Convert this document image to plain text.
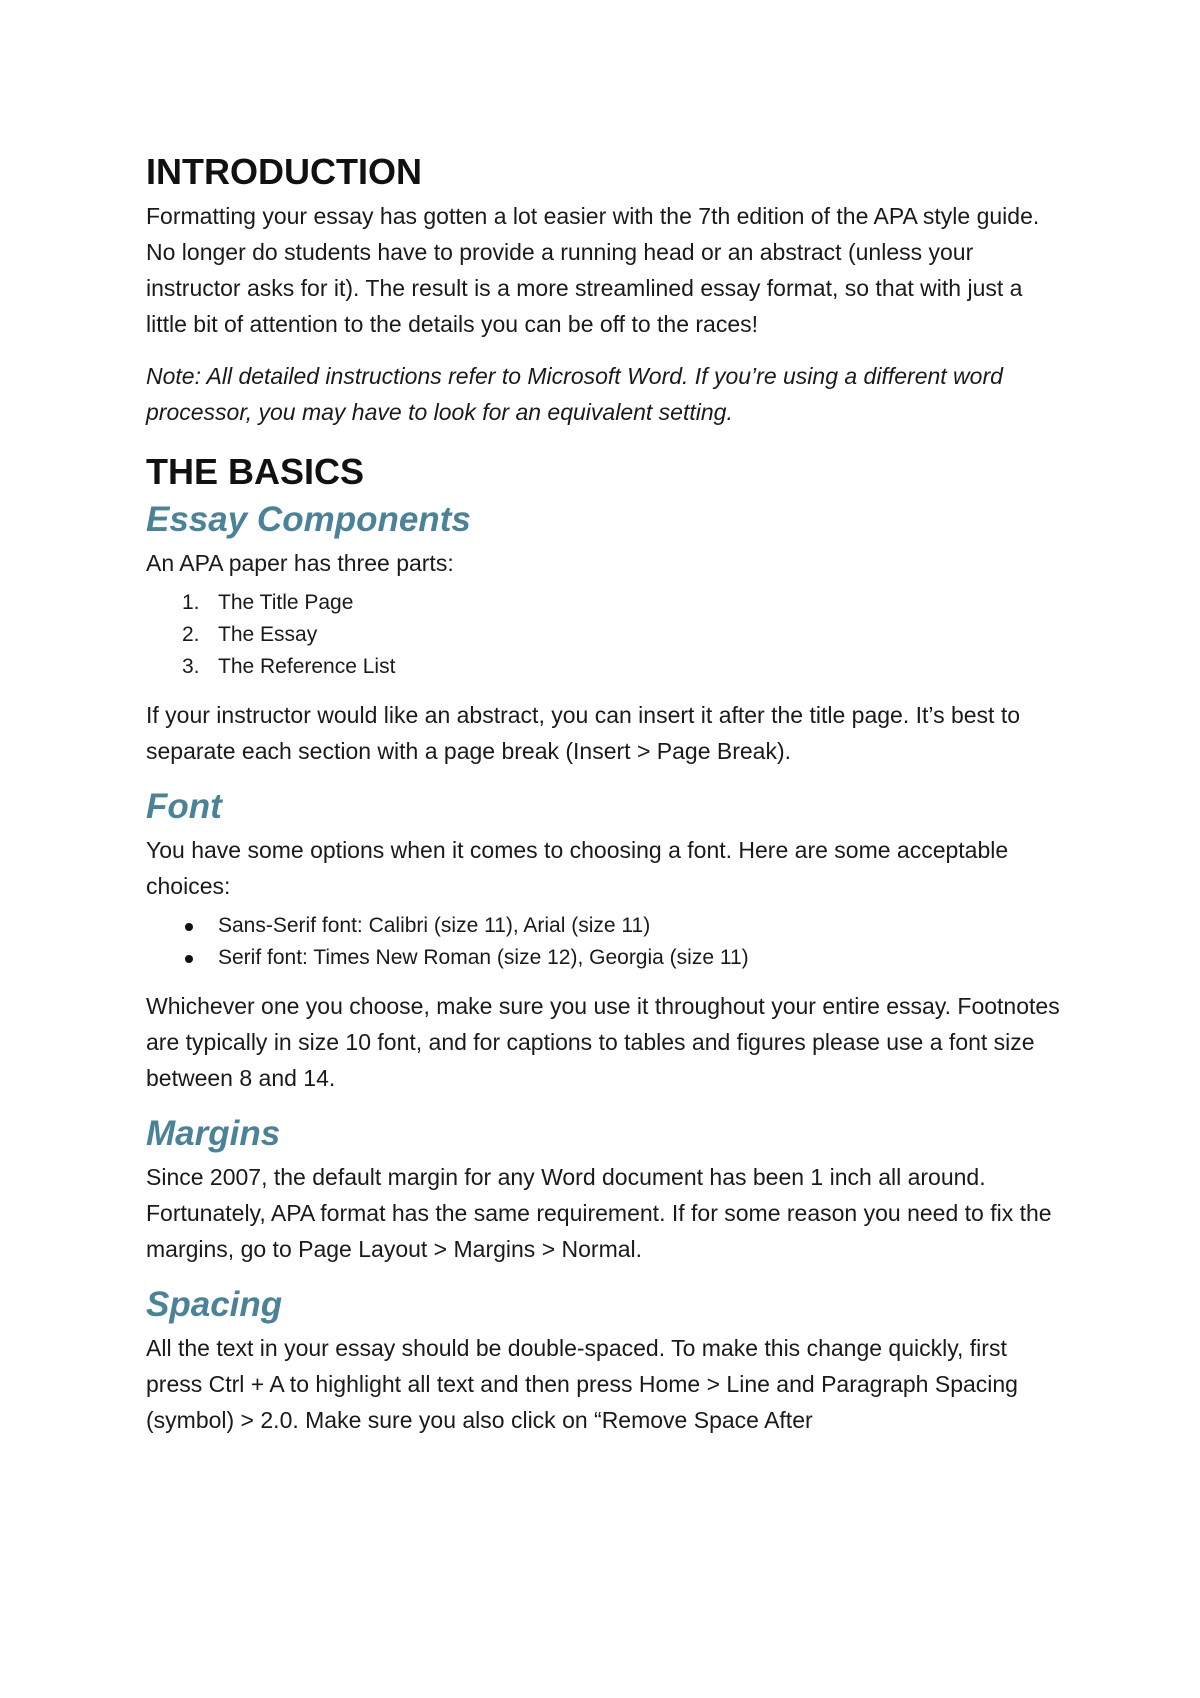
INTRODUCTION

Formatting your essay has gotten a lot easier with the 7th edition of the APA style guide. No longer do students have to provide a running head or an abstract (unless your instructor asks for it). The result is a more streamlined essay format, so that with just a little bit of attention to the details you can be off to the races!

Note: All detailed instructions refer to Microsoft Word. If you’re using a different word processor, you may have to look for an equivalent setting.

THE BASICS
Essay Components

An APA paper has three parts:

1. The Title Page
2. The Essay
3. The Reference List

If your instructor would like an abstract, you can insert it after the title page. It’s best to separate each section with a page break (Insert > Page Break).

Font

You have some options when it comes to choosing a font. Here are some acceptable choices:

Sans-Serif font: Calibri (size 11), Arial (size 11)
Serif font: Times New Roman (size 12), Georgia (size 11)

Whichever one you choose, make sure you use it throughout your entire essay. Footnotes are typically in size 10 font, and for captions to tables and figures please use a font size between 8 and 14.

Margins

Since 2007, the default margin for any Word document has been 1 inch all around. Fortunately, APA format has the same requirement. If for some reason you need to fix the margins, go to Page Layout > Margins > Normal.

Spacing

All the text in your essay should be double-spaced. To make this change quickly, first press Ctrl + A to highlight all text and then press Home > Line and Paragraph Spacing (symbol) > 2.0. Make sure you also click on “Remove Space After
